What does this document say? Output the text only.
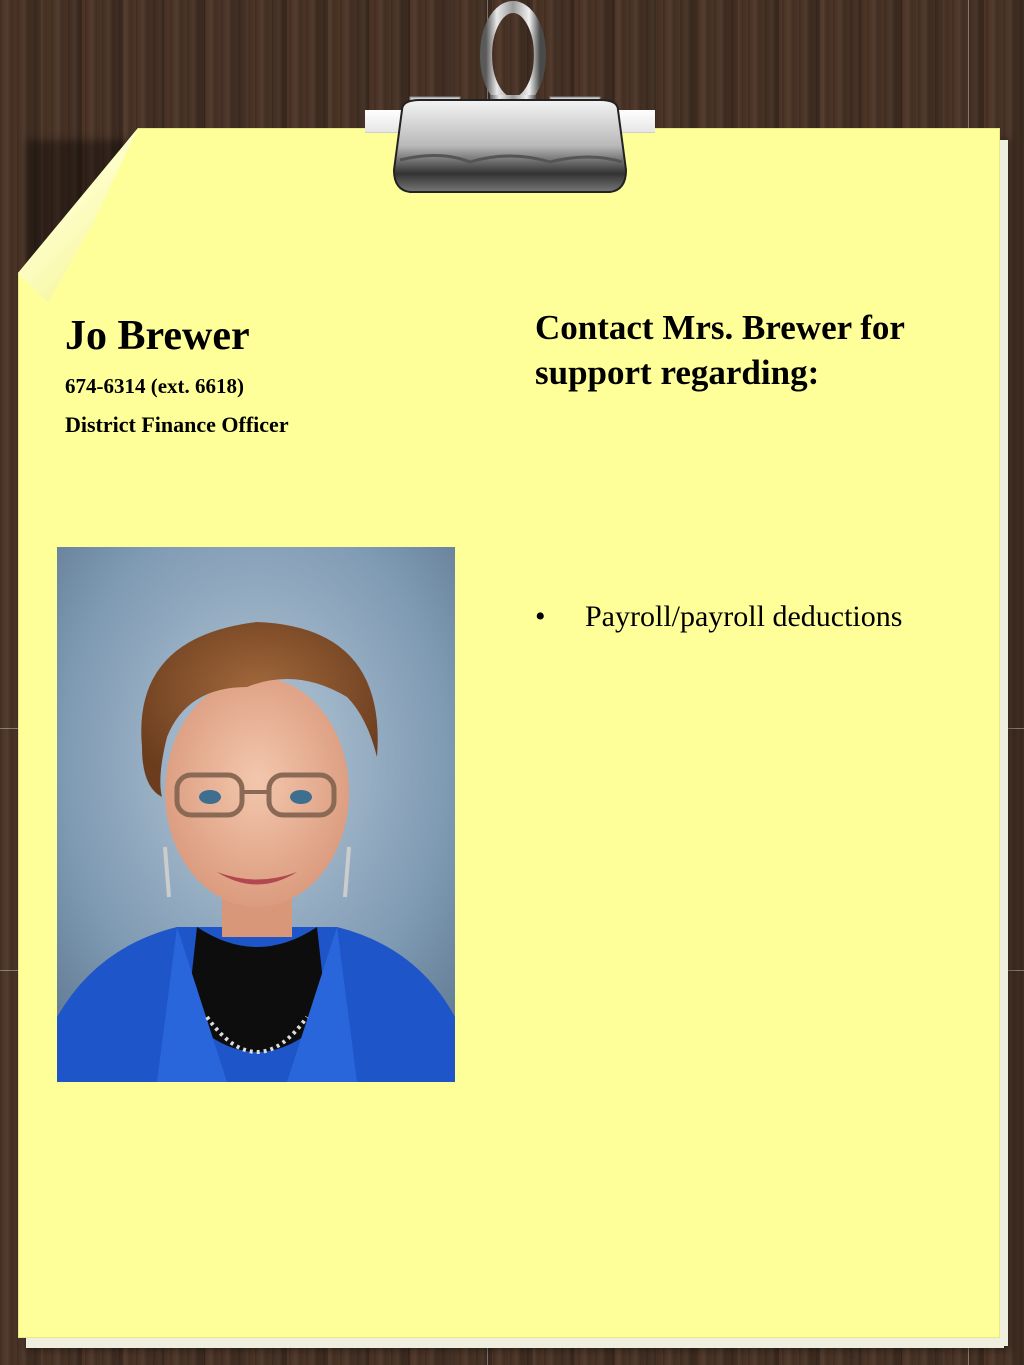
Jo Brewer

674-6314 (ext. 6618)

District Finance Officer

Contact Mrs. Brewer for support regarding:
•	Payroll/payroll deductions
